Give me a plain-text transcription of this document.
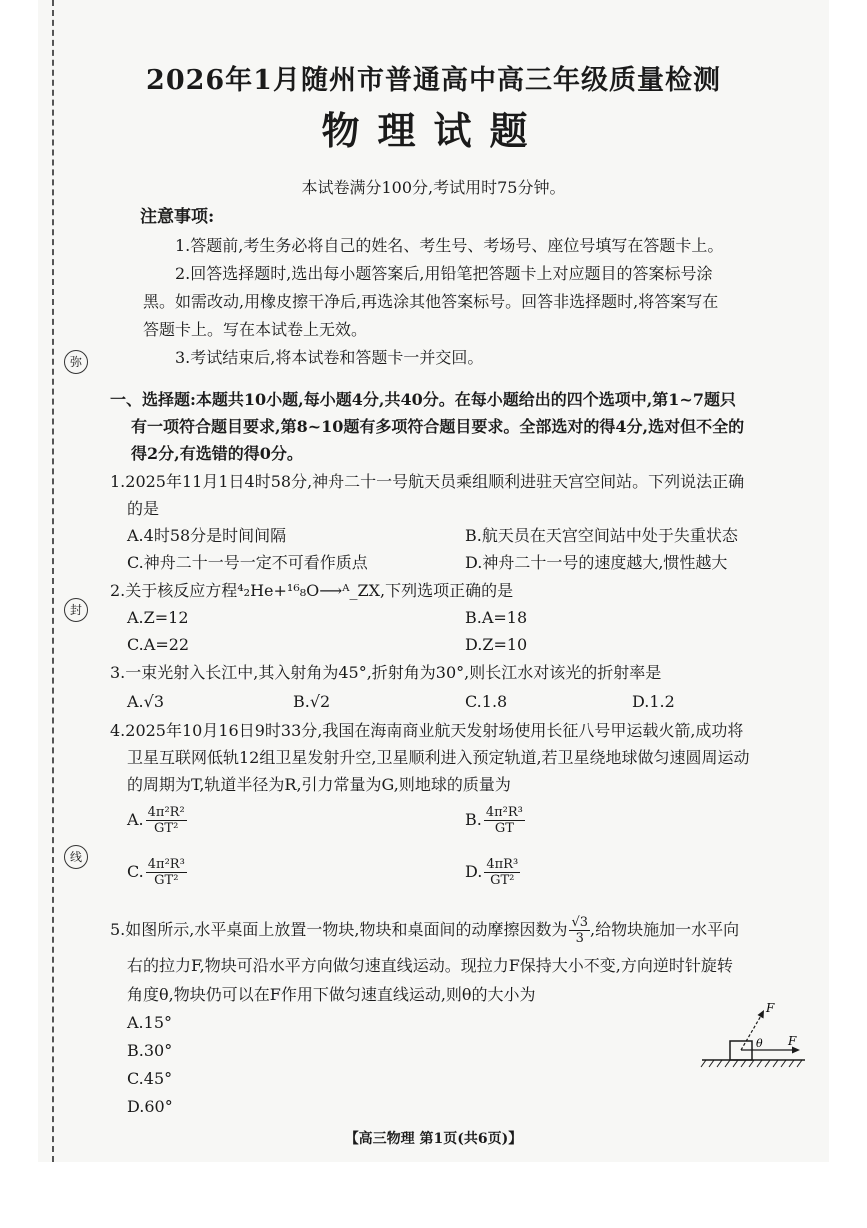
弥
封
线
2026年1月随州市普通高中高三年级质量检测
物理试题
本试卷满分100分,考试用时75分钟。
注意事项:
1.答题前,考生务必将自己的姓名、考生号、考场号、座位号填写在答题卡上。
2.回答选择题时,选出每小题答案后,用铅笔把答题卡上对应题目的答案标号涂
黑。如需改动,用橡皮擦干净后,再选涂其他答案标号。回答非选择题时,将答案写在
答题卡上。写在本试卷上无效。
3.考试结束后,将本试卷和答题卡一并交回。
一、选择题:本题共10小题,每小题4分,共40分。在每小题给出的四个选项中,第1~7题只
有一项符合题目要求,第8~10题有多项符合题目要求。全部选对的得4分,选对但不全的
得2分,有选错的得0分。
1.2025年11月1日4时58分,神舟二十一号航天员乘组顺利进驻天宫空间站。下列说法正确
的是
A.4时58分是时间间隔	B.航天员在天宫空间站中处于失重状态
C.神舟二十一号一定不可看作质点	D.神舟二十一号的速度越大,惯性越大
2.关于核反应方程⁴₂He+¹⁶₈O⟶ᴬ_ZX,下列选项正确的是
A.Z=12	B.A=18
C.A=22	D.Z=10
3.一束光射入长江中,其入射角为45°,折射角为30°,则长江水对该光的折射率是
A.√3	B.√2	C.1.8	D.1.2
4.2025年10月16日9时33分,我国在海南商业航天发射场使用长征八号甲运载火箭,成功将
卫星互联网低轨12组卫星发射升空,卫星顺利进入预定轨道,若卫星绕地球做匀速圆周运动
的周期为T,轨道半径为R,引力常量为G,则地球的质量为
A. $\frac{\text{4π²R²}}{\text{GT²}}$	B. $\frac{\text{4π²R³}}{GT}$
C. $\frac{\text{4π²R³}}{\text{GT²}}$	D. $\frac{\text{4πR³}}{\text{GT²}}$
5.如图所示,水平桌面上放置一物块,物块和桌面间的动摩擦因数为 $\frac{√3}{3}$ ,给物块施加一水平向
右的拉力F,物块可沿水平方向做匀速直线运动。现拉力F保持大小不变,方向逆时针旋转
角度θ,物块仍可以在F作用下做匀速直线运动,则θ的大小为
A.15°
B.30°
C.45°
D.60°
F
F
θ
【高三物理 第1页(共6页)】
